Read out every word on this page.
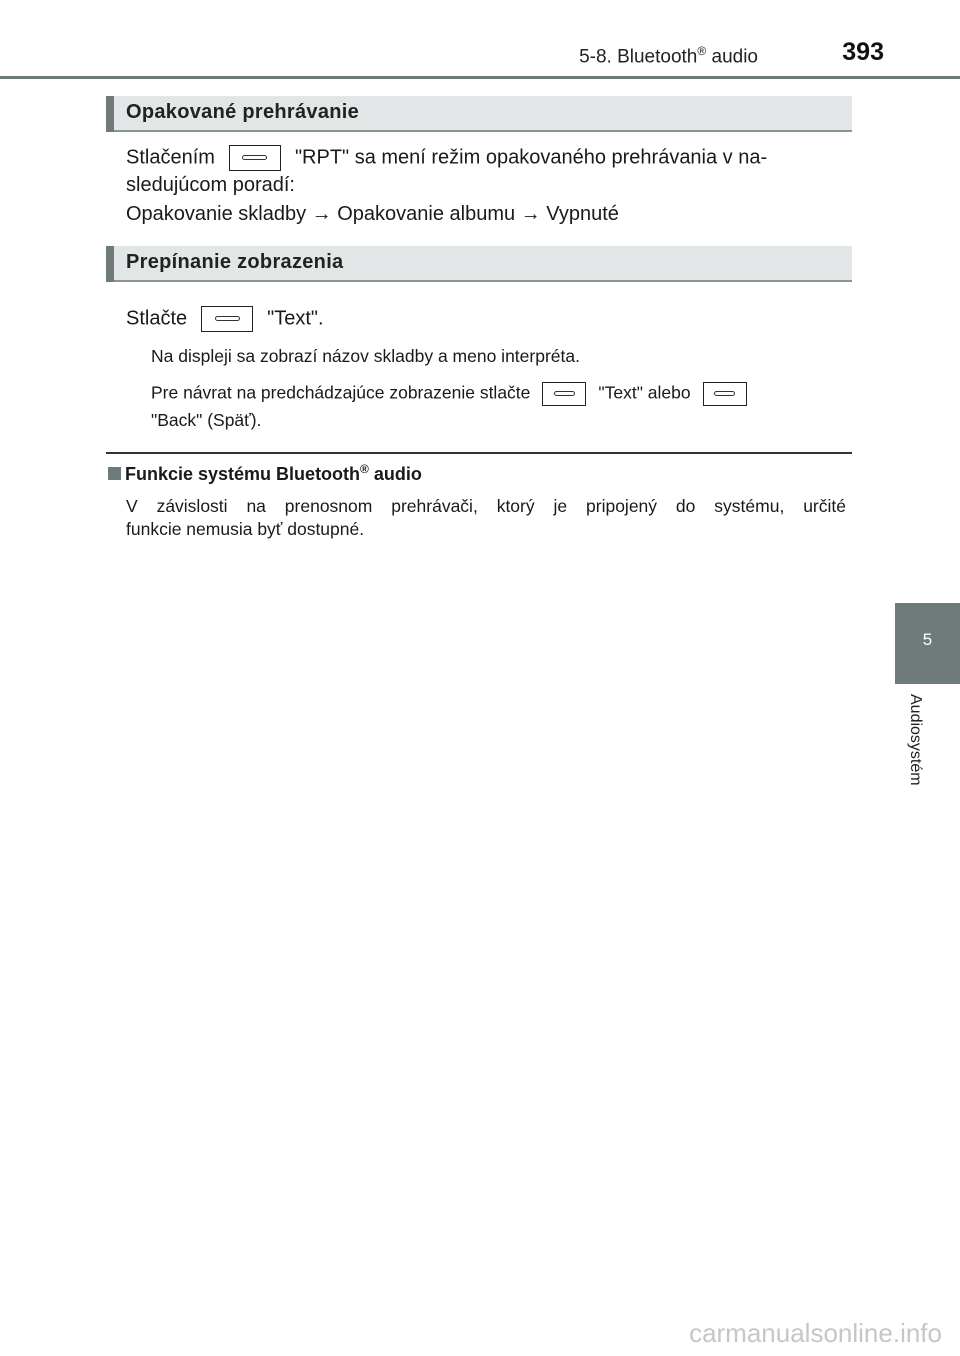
5-8. Bluetooth® audio	393
5
Audiosystém
Opakované prehrávanie
Stlačením	"RPT" sa mení režim opakovaného prehrávania v na-
sledujúcom poradí:
Opakovanie skladby → Opakovanie albumu → Vypnuté
Prepínanie zobrazenia
Stlačte	"Text".
Na displeji sa zobrazí názov skladby a meno interpréta.
Pre návrat na predchádzajúce zobrazenie stlačte	"Text" alebo
"Back" (Späť).
Funkcie systému Bluetooth® audio
V závislosti na prenosnom prehrávači, ktorý je pripojený do systému, určité
funkcie nemusia byť dostupné.
carmanualsonline.info
